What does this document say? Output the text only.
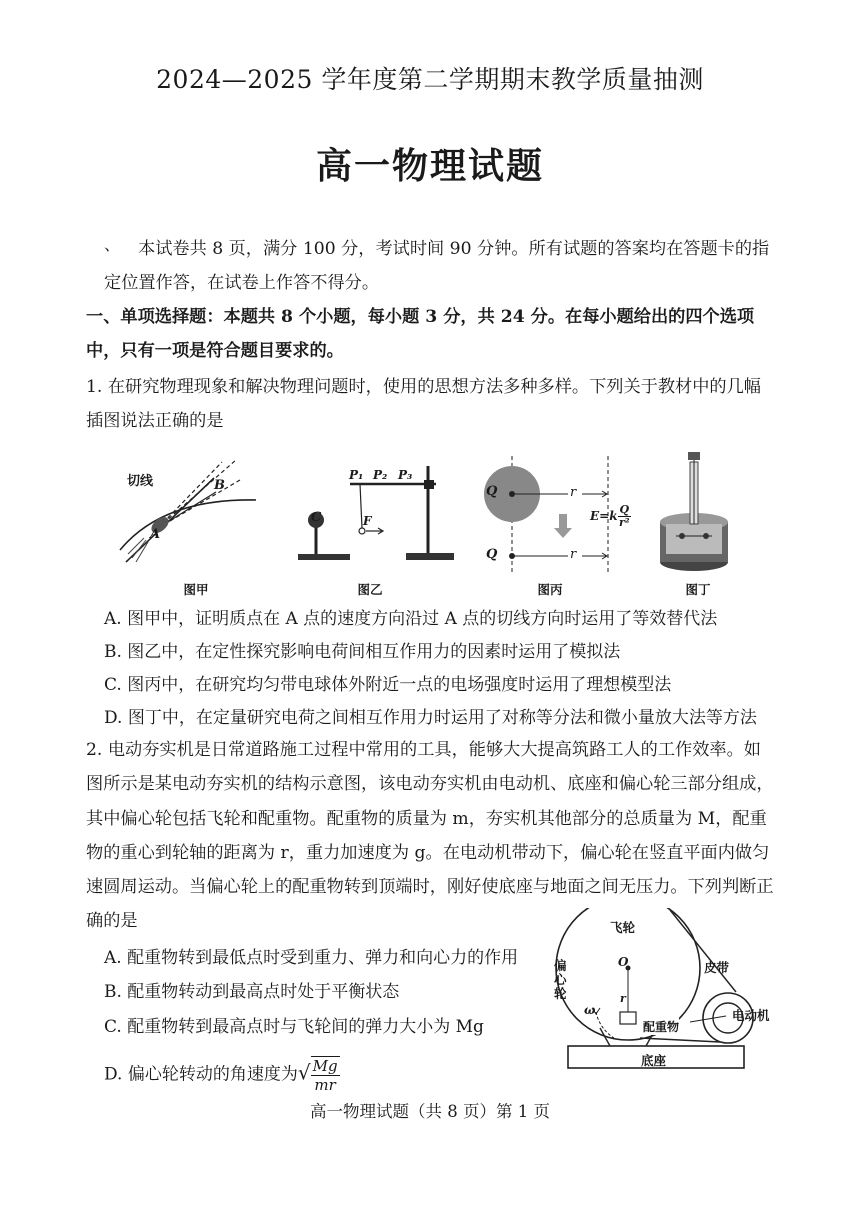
2024—2025 学年度第二学期期末教学质量抽测
高一物理试题
、	本试卷共 8 页，满分 100 分，考试时间 90 分钟。所有试题的答案均在答题卡的指定位置作答，在试卷上作答不得分。
一、单项选择题：本题共 8 个小题，每小题 3 分，共 24 分。在每小题给出的四个选项中，只有一项是符合题目要求的。
1. 在研究物理现象和解决物理问题时，使用的思想方法多种多样。下列关于教材中的几幅插图说法正确的是
切线	B
A
图甲
C	F
P₁ P₂ P₃
图乙
Q
Q
r
r
$E=k \frac{Q}{\text{r²}}$
图丙	图丁
A. 图甲中，证明质点在 A 点的速度方向沿过 A 点的切线方向时运用了等效替代法
B. 图乙中，在定性探究影响电荷间相互作用力的因素时运用了模拟法
C. 图丙中，在研究均匀带电球体外附近一点的电场强度时运用了理想模型法
D. 图丁中，在定量研究电荷之间相互作用力时运用了对称等分法和微小量放大法等方法
2. 电动夯实机是日常道路施工过程中常用的工具，能够大大提高筑路工人的工作效率。如图所示是某电动夯实机的结构示意图，该电动夯实机由电动机、底座和偏心轮三部分组成，其中偏心轮包括飞轮和配重物。配重物的质量为 m，夯实机其他部分的总质量为 M，配重物的重心到轮轴的距离为 r，重力加速度为 g。在电动机带动下，偏心轮在竖直平面内做匀速圆周运动。当偏心轮上的配重物转到顶端时，刚好使底座与地面之间无压力。下列判断正确的是
A. 配重物转到最低点时受到重力、弹力和向心力的作用
B. 配重物转动到最高点时处于平衡状态
C. 配重物转到最高点时与飞轮间的弹力大小为 Mg
D. 偏心轮转动的角速度为√ $\frac{Mg}{mr}$
飞轮
偏
心
轮
皮带
电动机
配重物
底座
O
r
ω
高一物理试题（共 8 页）第 1 页
